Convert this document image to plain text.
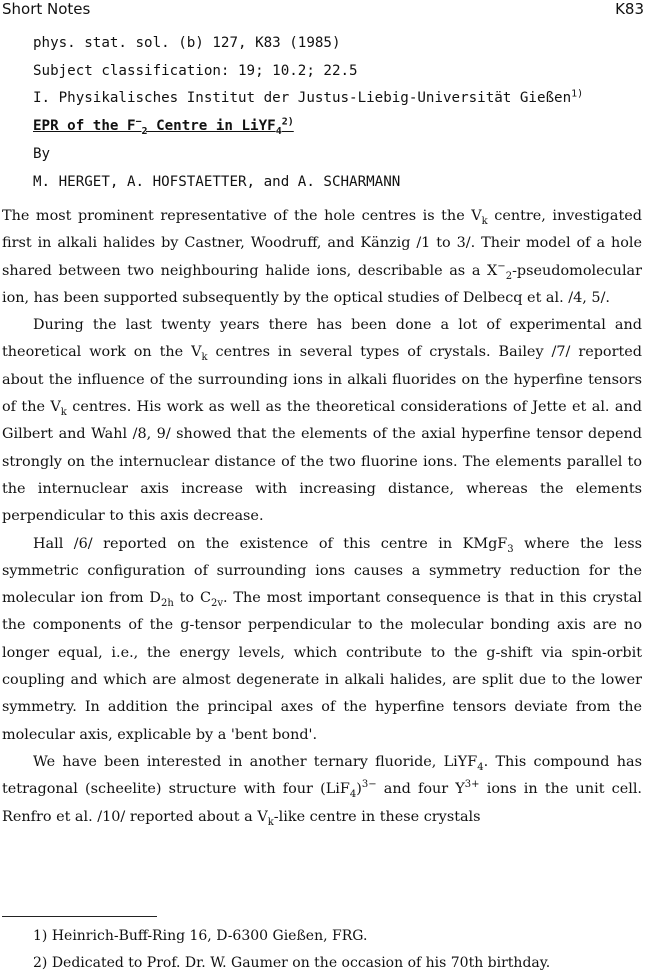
Short Notes	K83
phys. stat. sol. (b) 127, K83 (1985)
Subject classification: 19; 10.2; 22.5
I. Physikalisches Institut der Justus-Liebig-Universität Gießen$^{1)}$
EPR of the $F^-_2$ Centre in LiYF$_4^{2)}$
By
M. HERGET, A. HOFSTAETTER, and A. SCHARMANN

The most prominent representative of the hole centres is the $V_k$ centre, investigated first in alkali halides by Castner, Woodruff, and Känzig /1 to 3/. Their model of a hole shared between two neighbouring halide ions, describable as a $X^-_2$-pseudomolecular ion, has been supported subsequently by the optical studies of Delbecq et al. /4, 5/.

During the last twenty years there has been done a lot of experimental and theoretical work on the $V_k$ centres in several types of crystals. Bailey /7/ reported about the influence of the surrounding ions in alkali fluorides on the hyperfine tensors of the $V_k$ centres. His work as well as the theoretical considerations of Jette et al. and Gilbert and Wahl /8, 9/ showed that the elements of the axial hyperfine tensor depend strongly on the internuclear distance of the two fluorine ions. The elements parallel to the internuclear axis increase with increasing distance, whereas the elements perpendicular to this axis decrease.

Hall /6/ reported on the existence of this centre in KMgF$_3$ where the less symmetric configuration of surrounding ions causes a symmetry reduction for the molecular ion from $D_{2h}$ to $C_{2v}$. The most important consequence is that in this crystal the components of the g-tensor perpendicular to the molecular bonding axis are no longer equal, i.e., the energy levels, which contribute to the g-shift via spin-orbit coupling and which are almost degenerate in alkali halides, are split due to the lower symmetry. In addition the principal axes of the hyperfine tensors deviate from the molecular axis, explicable by a 'bent bond'.

We have been interested in another ternary fluoride, LiYF$_4$. This compound has tetragonal (scheelite) structure with four $(LiF_4)^{3-}$ and four $Y^{3+}$ ions in the unit cell. Renfro et al. /10/ reported about a $V_k$-like centre in these crystals

1) Heinrich-Buff-Ring 16, D-6300 Gießen, FRG.
2) Dedicated to Prof. Dr. W. Gaumer on the occasion of his 70th birthday.
